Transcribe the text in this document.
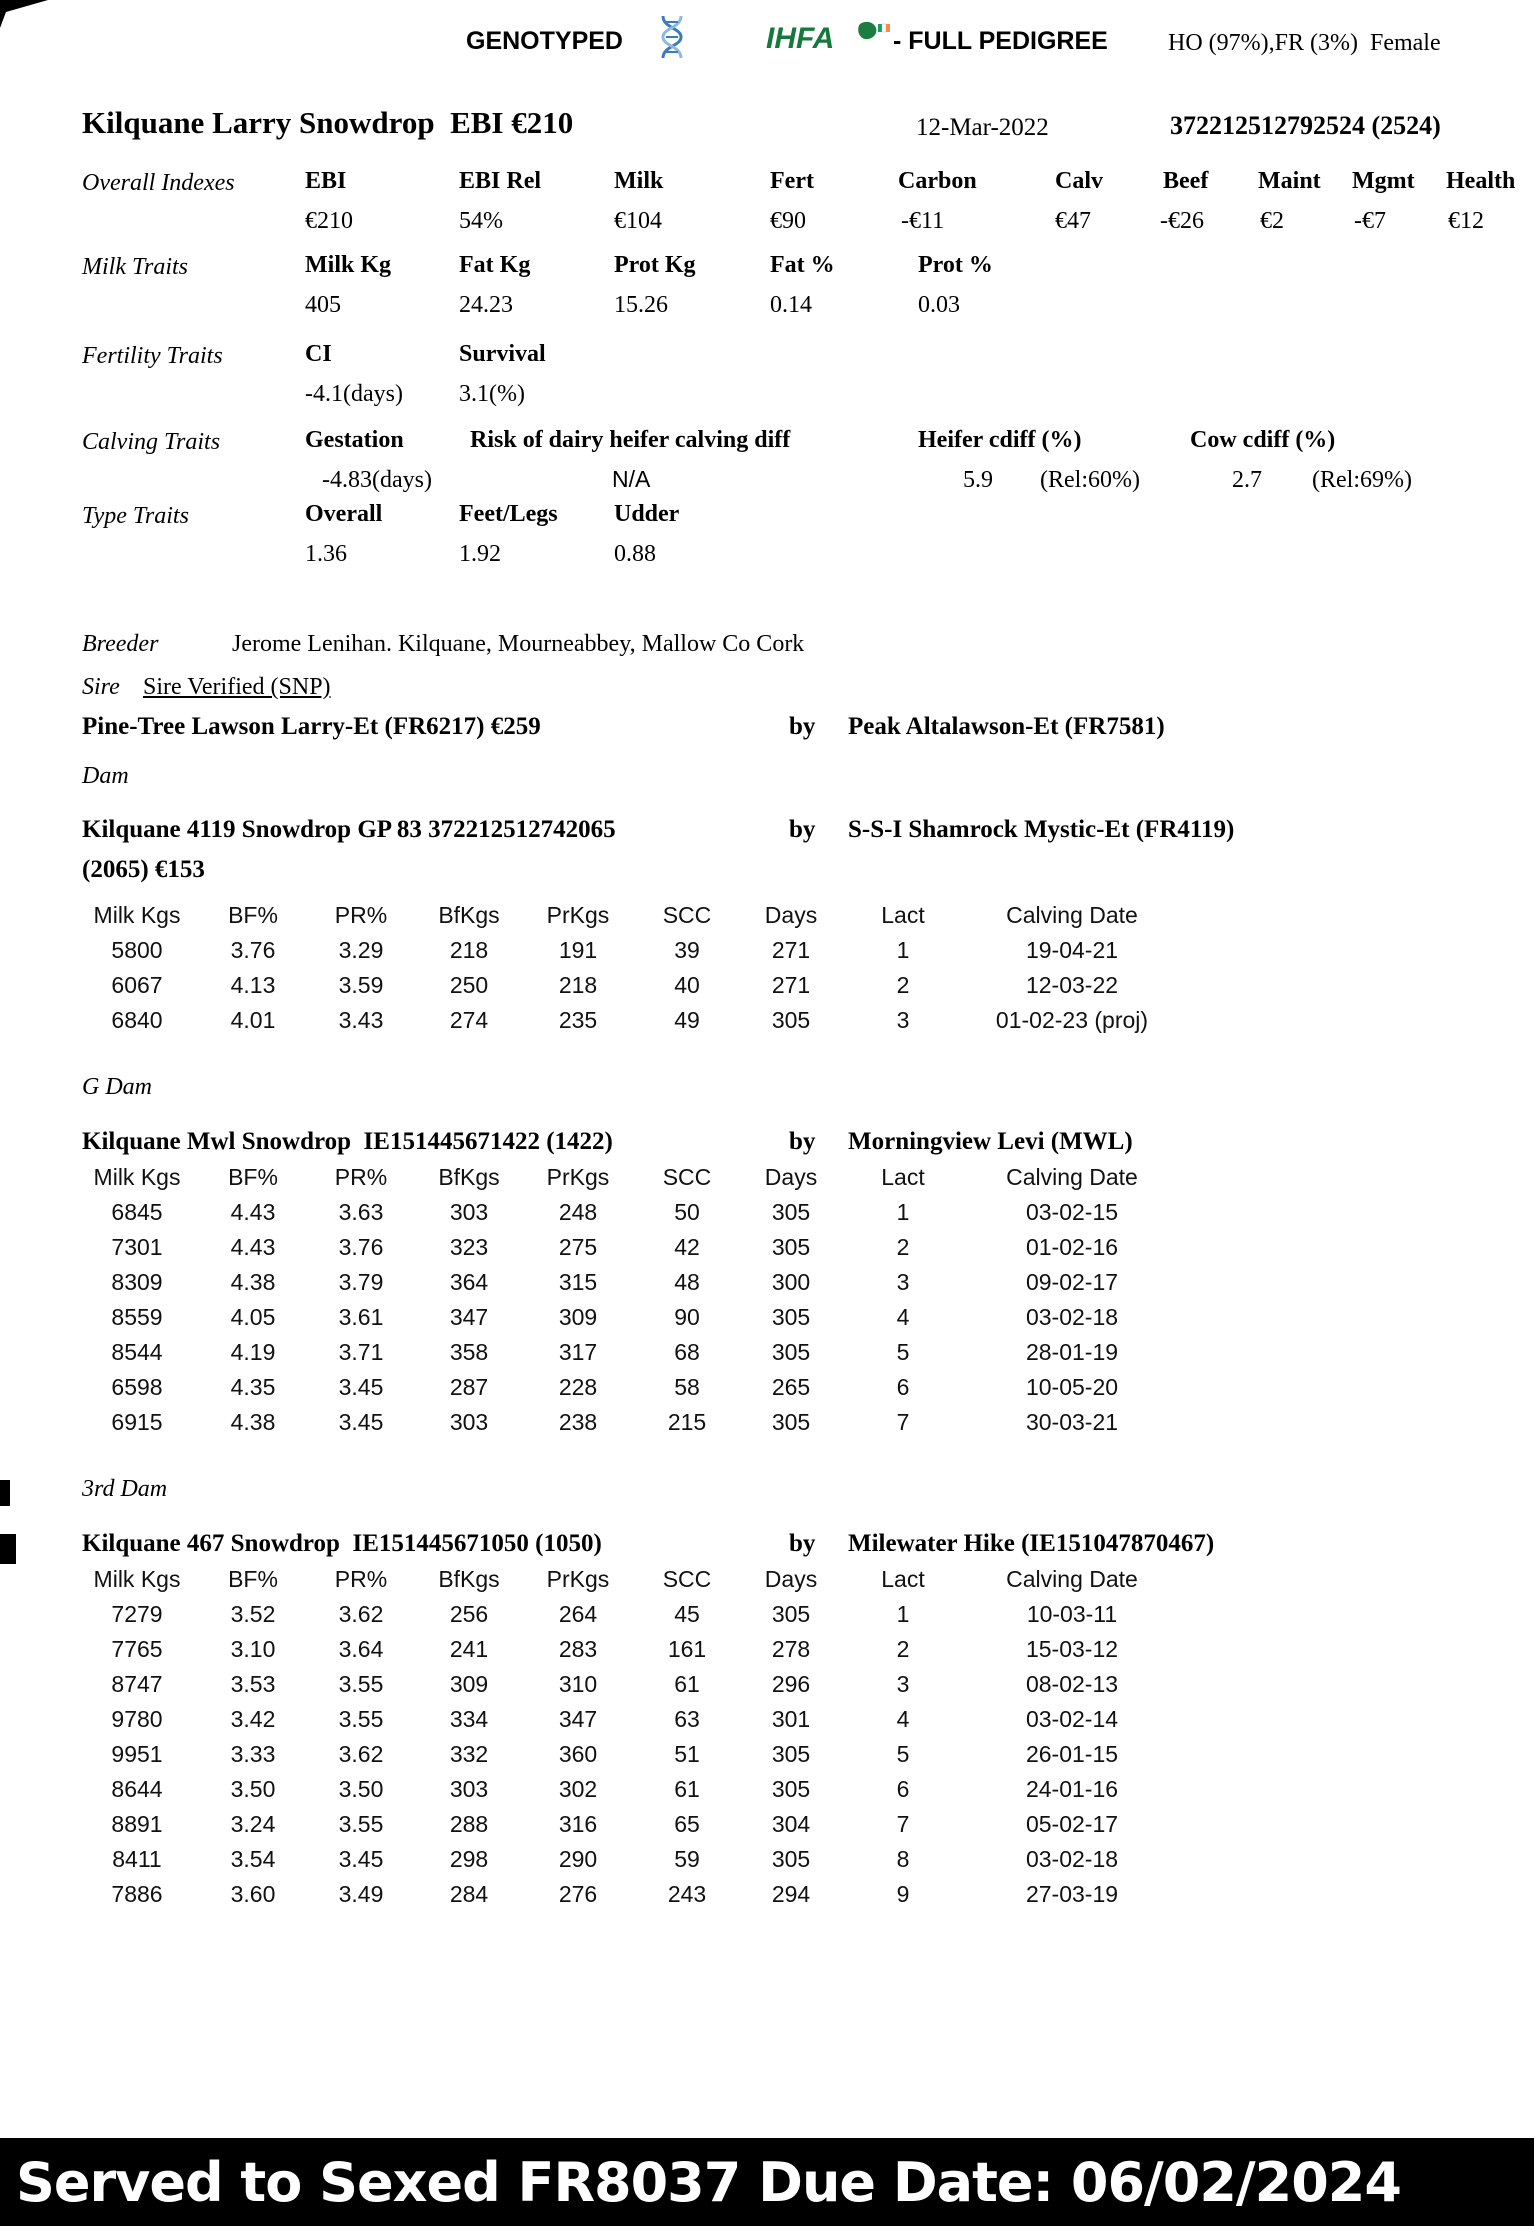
GENOTYPED	IHFA - FULL PEDIGREE	HO (97%),FR (3%)  Female
Kilquane Larry Snowdrop  EBI €210	12-Mar-2022	372212512792524 (2524)
Overall Indexes	EBI	EBI Rel	Milk	Fert	Carbon	Calv	Beef Maint Mgmt Health
€210	54%	€104	€90	-€11	€47	-€26 €2	-€7	€12
Milk Traits	Milk Kg	Fat Kg	Prot Kg	Fat %	Prot %
405	24.23	15.26	0.14	0.03
Fertility Traits	CI	Survival
-4.1(days) 3.1(%)
Calving Traits	Gestation	Risk of dairy heifer calving diff	Heifer cdiff (%)	Cow cdiff (%)
-4.83(days)	N/A	5.9 (Rel:60%)	2.7 (Rel:69%)
Type Traits	Overall	Feet/Legs Udder
1.36	1.92	0.88
Breeder	Jerome Lenihan. Kilquane, Mourneabbey, Mallow Co Cork
Sire Sire Verified (SNP)
Pine-Tree Lawson Larry-Et (FR6217) €259	by Peak Altalawson-Et (FR7581)
Dam
Kilquane 4119 Snowdrop GP 83 372212512742065	by S-S-I Shamrock Mystic-Et (FR4119)
(2065) €153
Milk Kgs	BF%	PR%	BfKgs	PrKgs	SCC	Days	Lact	Calving Date
5800	3.76	3.29	218	191	39	271	1	19-04-21
6067	4.13	3.59	250	218	40	271	2	12-03-22
6840	4.01	3.43	274	235	49	305	3	01-02-23 (proj)
G Dam
Kilquane Mwl Snowdrop  IE151445671422 (1422)	by Morningview Levi (MWL)
Milk Kgs	BF%	PR%	BfKgs	PrKgs	SCC	Days	Lact	Calving Date
6845	4.43	3.63	303	248	50	305	1	03-02-15
7301	4.43	3.76	323	275	42	305	2	01-02-16
8309	4.38	3.79	364	315	48	300	3	09-02-17
8559	4.05	3.61	347	309	90	305	4	03-02-18
8544	4.19	3.71	358	317	68	305	5	28-01-19
6598	4.35	3.45	287	228	58	265	6	10-05-20
6915	4.38	3.45	303	238	215	305	7	30-03-21
3rd Dam
Kilquane 467 Snowdrop  IE151445671050 (1050)	by Milewater Hike (IE151047870467)
Milk Kgs	BF%	PR%	BfKgs	PrKgs	SCC	Days	Lact	Calving Date
7279	3.52	3.62	256	264	45	305	1	10-03-11
7765	3.10	3.64	241	283	161	278	2	15-03-12
8747	3.53	3.55	309	310	61	296	3	08-02-13
9780	3.42	3.55	334	347	63	301	4	03-02-14
9951	3.33	3.62	332	360	51	305	5	26-01-15
8644	3.50	3.50	303	302	61	305	6	24-01-16
8891	3.24	3.55	288	316	65	304	7	05-02-17
8411	3.54	3.45	298	290	59	305	8	03-02-18
7886	3.60	3.49	284	276	243	294	9	27-03-19
Served to Sexed FR8037 Due Date: 06/02/2024
